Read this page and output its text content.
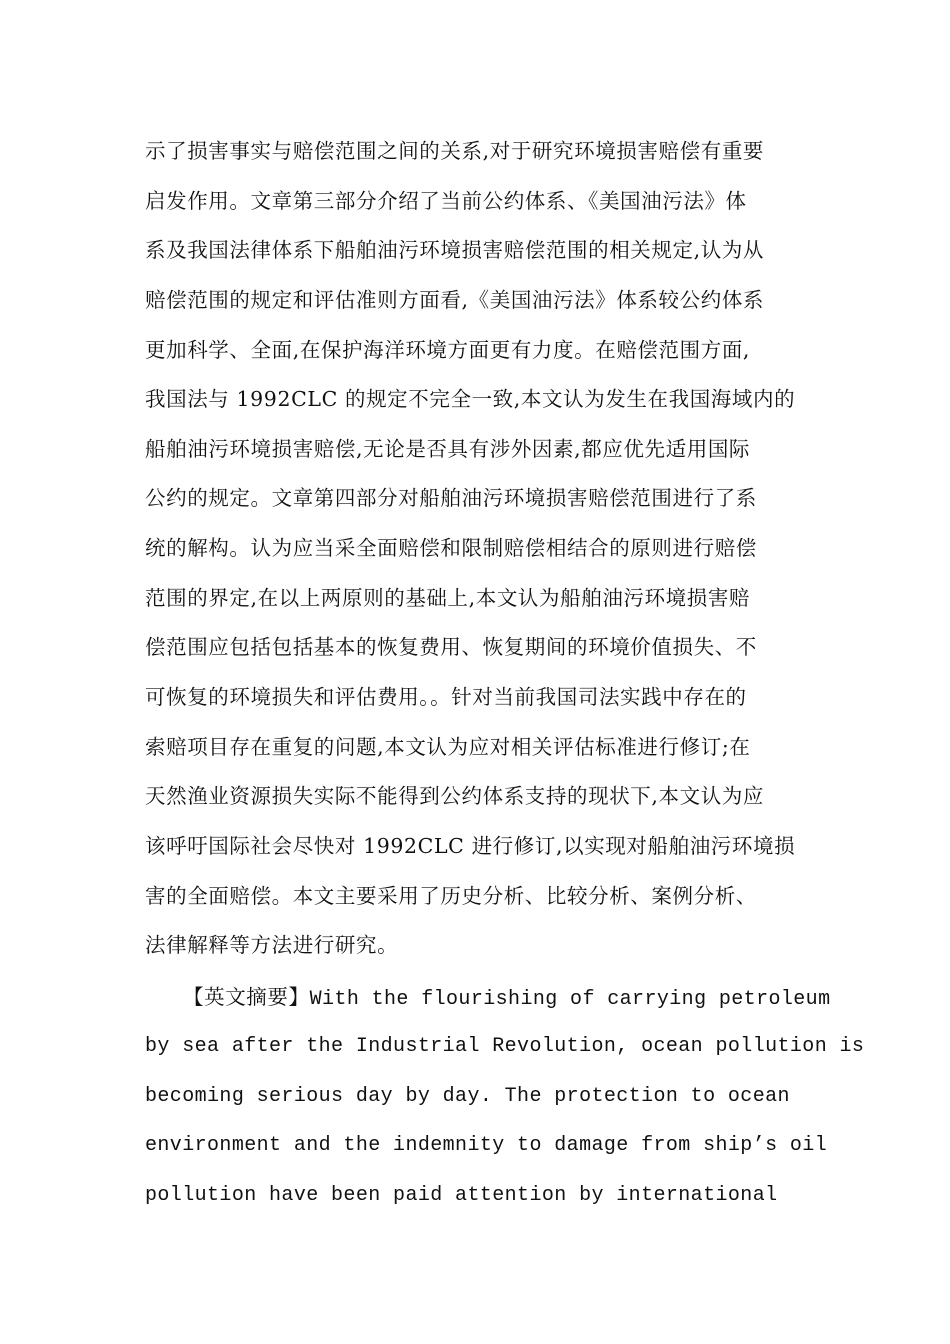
示了损害事实与赔偿范围之间的关系,对于研究环境损害赔偿有重要
启发作用。文章第三部分介绍了当前公约体系、《美国油污法》体
系及我国法律体系下船舶油污环境损害赔偿范围的相关规定,认为从
赔偿范围的规定和评估准则方面看,《美国油污法》体系较公约体系
更加科学、全面,在保护海洋环境方面更有力度。在赔偿范围方面,
我国法与 1992CLC 的规定不完全一致,本文认为发生在我国海域内的
船舶油污环境损害赔偿,无论是否具有涉外因素,都应优先适用国际
公约的规定。文章第四部分对船舶油污环境损害赔偿范围进行了系
统的解构。认为应当采全面赔偿和限制赔偿相结合的原则进行赔偿
范围的界定,在以上两原则的基础上,本文认为船舶油污环境损害赔
偿范围应包括包括基本的恢复费用、恢复期间的环境价值损失、不
可恢复的环境损失和评估费用。。针对当前我国司法实践中存在的
索赔项目存在重复的问题,本文认为应对相关评估标准进行修订;在
天然渔业资源损失实际不能得到公约体系支持的现状下,本文认为应
该呼吁国际社会尽快对 1992CLC 进行修订,以实现对船舶油污环境损
害的全面赔偿。本文主要采用了历史分析、比较分析、案例分析、
法律解释等方法进行研究。
【英文摘要】With the flourishing of carrying petroleum
by sea after the Industrial Revolution, ocean pollution is
becoming serious day by day. The protection to ocean
environment and the indemnity to damage from ship’s oil
pollution have been paid attention by international
